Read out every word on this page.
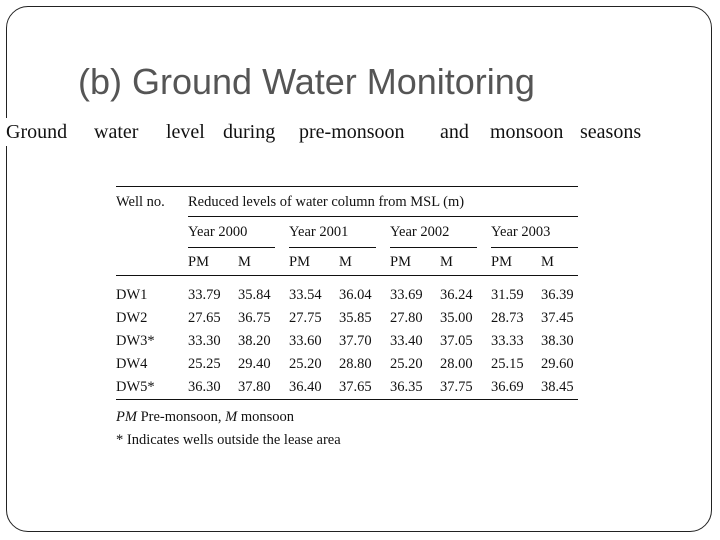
(b) Ground Water Monitoring
Ground water level during pre-monsoon and monsoon seasons
Well no. Reduced levels of water column from MSL (m)
Year 2000	Year 2001	Year 2002	Year 2003
PM M	PM M	PM M	PM M
DW1	33.79 35.84 33.54 36.04 33.69 36.24 31.59 36.39
DW2	27.65 36.75 27.75 35.85 27.80 35.00 28.73 37.45
DW3* 33.30 38.20 33.60 37.70 33.40 37.05 33.33 38.30
DW4	25.25 29.40 25.20 28.80 25.20 28.00 25.15 29.60
DW5* 36.30 37.80 36.40 37.65 36.35 37.75 36.69 38.45
PM Pre-monsoon, M monsoon
* Indicates wells outside the lease area
